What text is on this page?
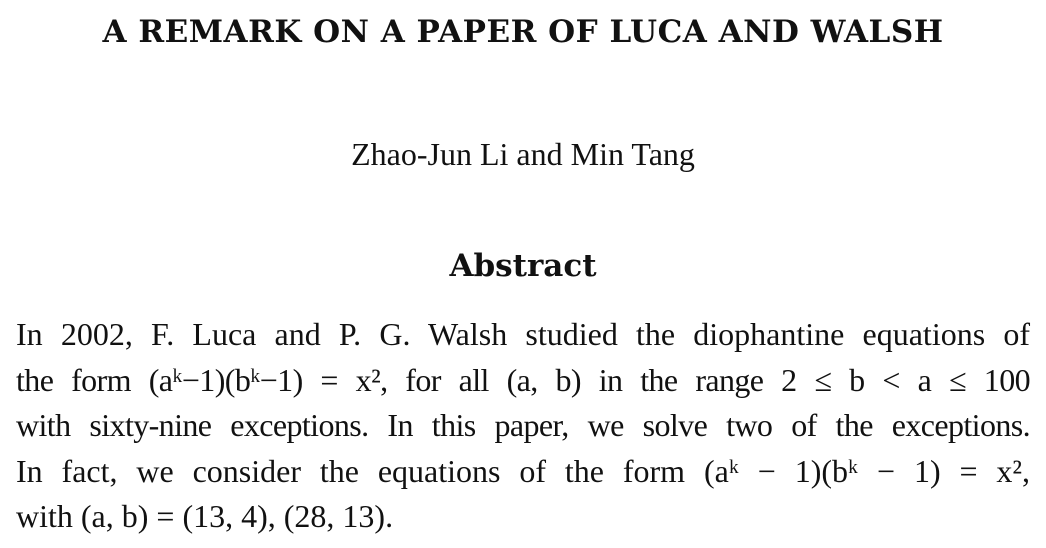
A REMARK ON A PAPER OF LUCA AND WALSH

Zhao-Jun Li and Min Tang

Abstract
In 2002, F. Luca and P. G. Walsh studied the diophantine equations of
the form (aᵏ−1)(bᵏ−1) = x², for all (a, b) in the range 2 ≤ b < a ≤ 100
with sixty-nine exceptions. In this paper, we solve two of the exceptions.
In fact, we consider the equations of the form (aᵏ − 1)(bᵏ − 1) = x²,
with (a, b) = (13, 4), (28, 13).
